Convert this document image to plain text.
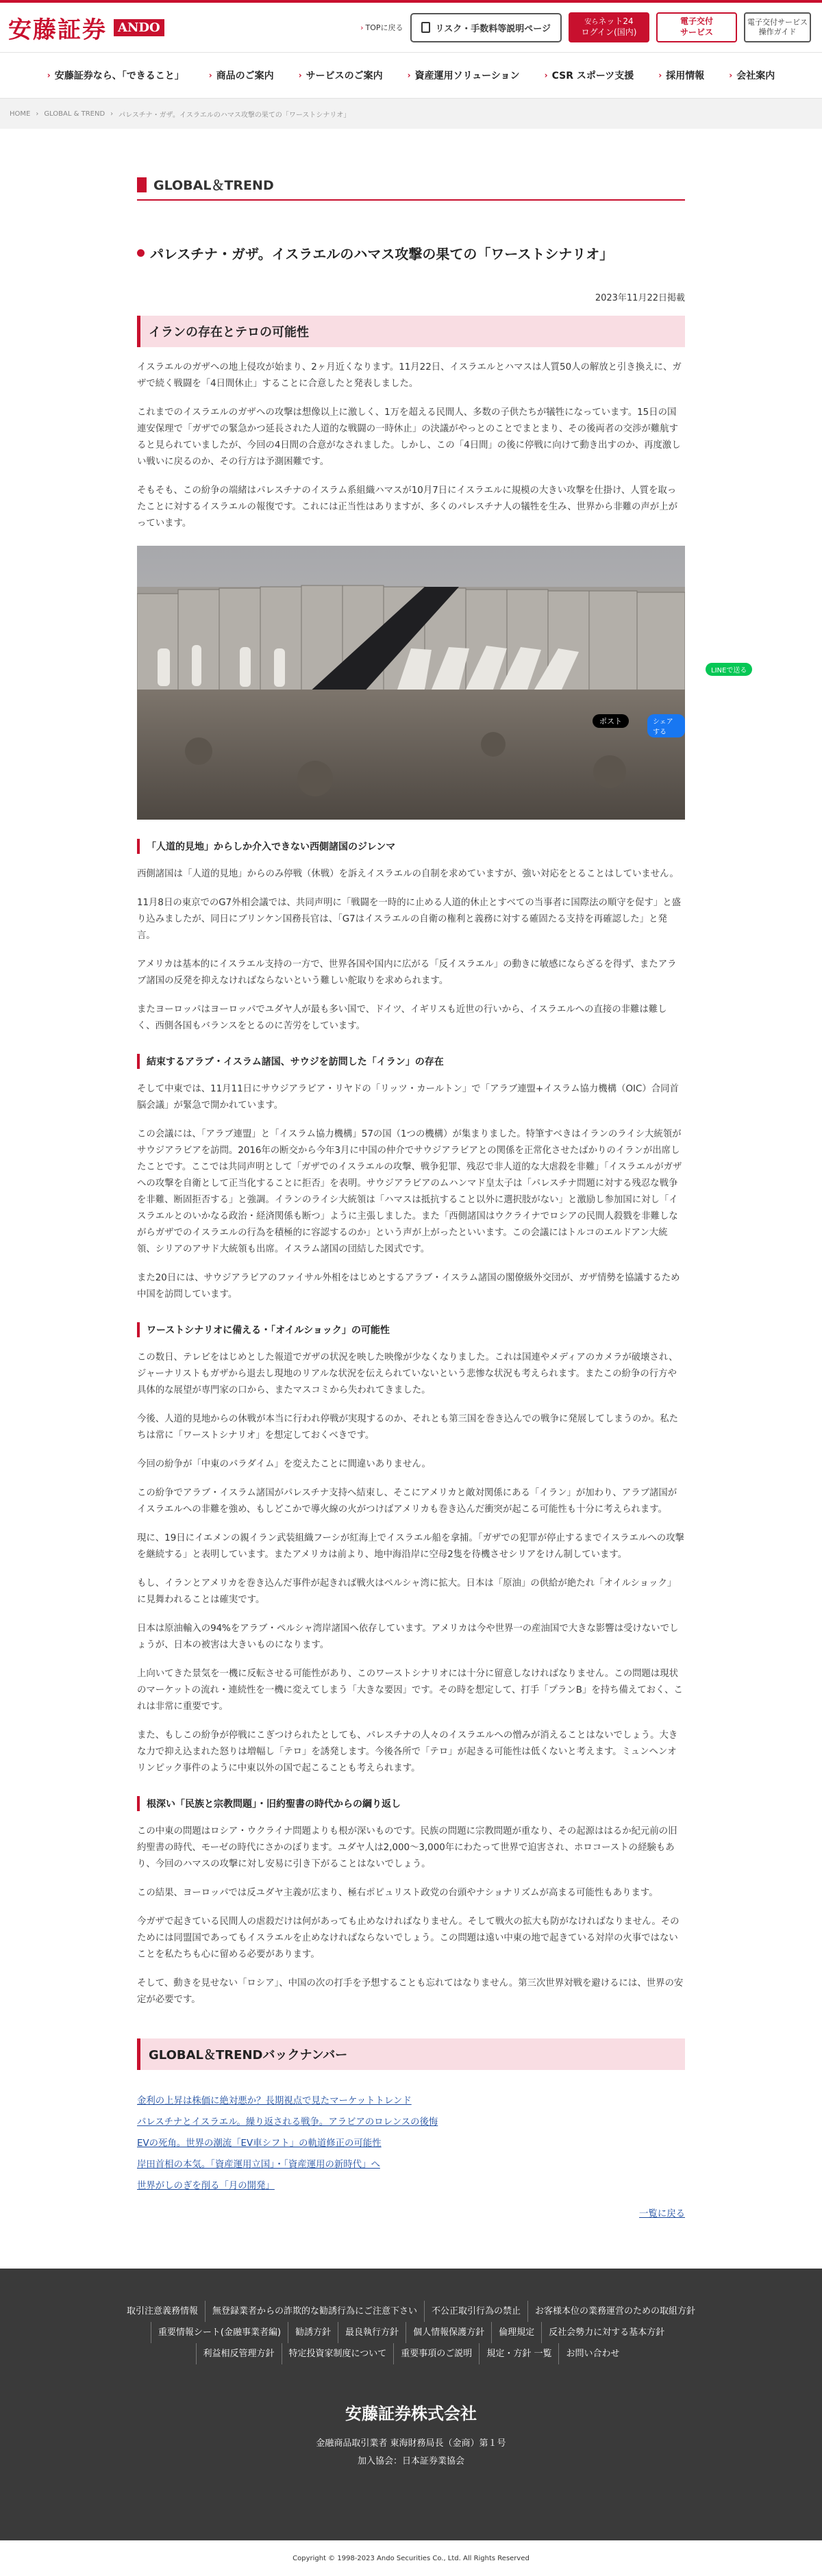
安藤証券 ANDO	› TOPに戻る	リスク・手数料等説明ページ
安らネット24
ログイン(国内)
電子交付
サービス
電子交付サービス
操作ガイド
› 安藤証券なら、「できること」	› 商品のご案内	› サービスのご案内	› 資産運用ソリューション	› CSR スポーツ支援	› 採用情報	› 会社案内
HOME › GLOBAL & TREND › パレスチナ・ガザ。イスラエルのハマス攻撃の果ての「ワーストシナリオ」
GLOBAL＆TREND
パレスチナ・ガザ。イスラエルのハマス攻撃の果ての「ワーストシナリオ」
2023年11月22日掲載
イランの存在とテロの可能性

イスラエルのガザへの地上侵攻が始まり、2ヶ月近くなります。11月22日、イスラエルとハマスは人質50人の解放と引き換えに、ガザで続く戦闘を「4日間休止」することに合意したと発表しました。

これまでのイスラエルのガザへの攻撃は想像以上に激しく、1万を超える民間人、多数の子供たちが犠牲になっています。15日の国連安保理で「ガザでの緊急かつ延長された人道的な戦闘の一時休止」の決議がやっとのことでまとまり、その後両者の交渉が難航すると見られていましたが、今回の4日間の合意がなされました。しかし、この「4日間」の後に停戦に向けて動き出すのか、再度激しい戦いに戻るのか、その行方は予測困難です。

そもそも、この紛争の端緒はパレスチナのイスラム系組織ハマスが10月7日にイスラエルに規模の大きい攻撃を仕掛け、人質を取ったことに対するイスラエルの報復です。これには正当性はありますが、多くのパレスチナ人の犠牲を生み、世界から非難の声が上がっています。

ポスト	シェアする
「人道的見地」からしか介入できない西側諸国のジレンマ

西側諸国は「人道的見地」からのみ停戦（休戦）を訴えイスラエルの自制を求めていますが、強い対応をとることはしていません。

11月8日の東京でのG7外相会議では、共同声明に「戦闘を一時的に止める人道的休止とすべての当事者に国際法の順守を促す」と盛り込みましたが、同日にブリンケン国務長官は、「G7はイスラエルの自衛の権利と義務に対する確固たる支持を再確認した」と発言。

アメリカは基本的にイスラエル支持の一方で、世界各国や国内に広がる「反イスラエル」の動きに敏感にならざるを得ず、またアラブ諸国の反発を抑えなければならないという難しい舵取りを求められます。

またヨーロッパはヨーロッパでユダヤ人が最も多い国で、ドイツ、イギリスも近世の行いから、イスラエルへの直接の非難は難しく、西側各国もバランスをとるのに苦労をしています。

結束するアラブ・イスラム諸国、サウジを訪問した「イラン」の存在

そして中東では、11月11日にサウジアラビア・リヤドの「リッツ・カールトン」で「アラブ連盟+イスラム協力機構（OIC）合同首脳会議」が緊急で開かれています。

この会議には、「アラブ連盟」と「イスラム協力機構」57の国（1つの機構）が集まりました。特筆すべきはイランのライシ大統領がサウジアラビアを訪問。2016年の断交から今年3月に中国の仲介でサウジアラビアとの関係を正常化させたばかりのイランが出席したことです。ここでは共同声明として「ガザでのイスラエルの攻撃、戦争犯罪、残忍で非人道的な大虐殺を非難」「イスラエルがガザへの攻撃を自衛として正当化することに拒否」を表明。サウジアラビアのムハンマド皇太子は「パレスチナ問題に対する残忍な戦争を非難、断固拒否する」と強調。イランのライシ大統領は「ハマスは抵抗すること以外に選択肢がない」と激励し参加国に対し「イスラエルとのいかなる政治・経済関係も断つ」ように主張しました。また「西側諸国はウクライナでロシアの民間人殺戮を非難しながらガザでのイスラエルの行為を積極的に容認するのか」という声が上がったといいます。この会議にはトルコのエルドアン大統領、シリアのアサド大統領も出席。イスラム諸国の団結した図式です。

また20日には、サウジアラビアのファイサル外相をはじめとするアラブ・イスラム諸国の閣僚級外交団が、ガザ情勢を協議するため中国を訪問しています。

ワーストシナリオに備える・「オイルショック」の可能性

この数日、テレビをはじめとした報道でガザの状況を映した映像が少なくなりました。これは国連やメディアのカメラが破壊され、ジャーナリストもガザから退去し現地のリアルな状況を伝えられていないという悲惨な状況も考えられます。またこの紛争の行方や具体的な展望が専門家の口から、またマスコミから失われてきました。

今後、人道的見地からの休戦が本当に行われ停戦が実現するのか、それとも第三国を巻き込んでの戦争に発展してしまうのか。私たちは常に「ワーストシナリオ」を想定しておくべきです。

今回の紛争が「中東のパラダイム」を変えたことに間違いありません。

この紛争でアラブ・イスラム諸国がパレスチナ支持へ結束し、そこにアメリカと敵対関係にある「イラン」が加わり、アラブ諸国がイスラエルへの非難を強め、もしどこかで導火線の火がつけばアメリカも巻き込んだ衝突が起こる可能性も十分に考えられます。

現に、19日にイエメンの親イラン武装組織フーシが紅海上でイスラエル船を拿捕。「ガザでの犯罪が停止するまでイスラエルへの攻撃を継続する」と表明しています。またアメリカは前より、地中海沿岸に空母2隻を待機させシリアをけん制しています。

もし、イランとアメリカを巻き込んだ事件が起きれば戦火はペルシャ湾に拡大。日本は「原油」の供給が絶たれ「オイルショック」に見舞われることは確実です。

日本は原油輸入の94%をアラブ・ペルシャ湾岸諸国へ依存しています。アメリカは今や世界一の産油国で大きな影響は受けないでしょうが、日本の被害は大きいものになります。

上向いてきた景気を一機に反転させる可能性があり、このワーストシナリオには十分に留意しなければなりません。この問題は現状のマーケットの流れ・連続性を一機に変えてしまう「大きな要因」です。その時を想定して、打手「プランB」を持ち備えておく、これは非常に重要です。

また、もしこの紛争が停戦にこぎつけられたとしても、パレスチナの人々のイスラエルへの憎みが消えることはないでしょう。大きな力で抑え込まれた怒りは増幅し「テロ」を誘発します。今後各所で「テロ」が起きる可能性は低くないと考えます。ミュンヘンオリンピック事件のように中東以外の国で起こることも考えられます。

根深い「民族と宗教問題」・旧約聖書の時代からの綱り返し

この中東の問題はロシア・ウクライナ問題よりも根が深いものです。民族の問題に宗教問題が重なり、その起源ははるか紀元前の旧約聖書の時代、モーゼの時代にさかのぼります。ユダヤ人は2,000～3,000年にわたって世界で迫害され、ホロコーストの経験もあり、今回のハマスの攻撃に対し安易に引き下がることはないでしょう。

この結果、ヨーロッパでは反ユダヤ主義が広まり、極右ポピュリスト政党の台頭やナショナリズムが高まる可能性もあります。

今ガザで起きている民間人の虐殺だけは何があっても止めなければなりません。そして戦火の拡大も防がなければなりません。そのためには同盟国であってもイスラエルを止めなければならないでしょう。この問題は遠い中東の地で起きている対岸の火事ではないことを私たちも心に留める必要があります。

そして、動きを見せない「ロシア」、中国の次の打手を予想することも忘れてはなりません。第三次世界対戦を避けるには、世界の安定が必要です。

GLOBAL＆TRENDバックナンバー
金利の上昇は株価に絶対悪か？長期視点で見たマーケットトレンド
パレスチナとイスラエル。繰り返される戦争。アラビアのロレンスの後悔
EVの死角。世界の潮流「EV車シフト」の軌道修正の可能性
岸田首相の本気。「資産運用立国」・「資産運用の新時代」へ
世界がしのぎを削る「月の開発」
一覧に戻る
LINEで送る
取引注意義務情報 無登録業者からの詐欺的な勧誘行為にご注意下さい 不公正取引行為の禁止 お客様本位の業務運営のための取組方針
重要情報シート(金融事業者編) 勧誘方針 最良執行方針 個人情報保護方針 倫理規定 反社会勢力に対する基本方針
利益相反管理方針 特定投資家制度について 重要事項のご説明 規定・方針 一覧 お問い合わせ
安藤証券株式会社
金融商品取引業者 東海財務局長（金商）第１号
加入協会：日本証券業協会
Copyright © 1998-2023 Ando Securities Co., Ltd. All Rights Reserved
